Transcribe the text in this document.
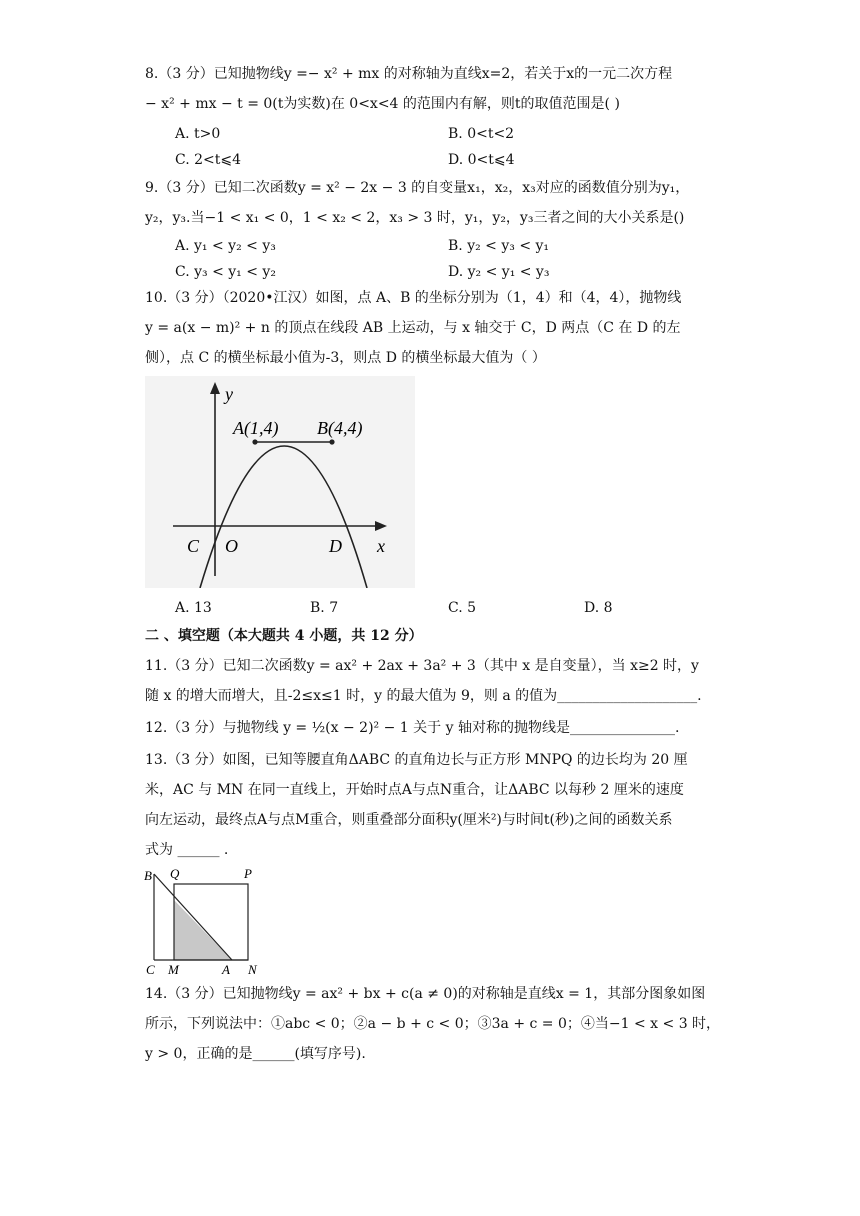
8.（3 分）已知抛物线y =− x² + mx 的对称轴为直线x=2，若关于x的一元二次方程
− x² + mx − t = 0(t为实数)在 0<x<4 的范围内有解，则t的取值范围是( )
A. t>0	B. 0<t<2
C. 2<t⩽4	D. 0<t⩽4
9.（3 分）已知二次函数y = x² − 2x − 3 的自变量x₁，x₂，x₃对应的函数值分别为y₁，
y₂，y₃.当−1 < x₁ < 0，1 < x₂ < 2，x₃ > 3 时，y₁，y₂，y₃三者之间的大小关系是()
A. y₁ < y₂ < y₃	B. y₂ < y₃ < y₁
C. y₃ < y₁ < y₂	D. y₂ < y₁ < y₃
10.（3 分）（2020•江汉）如图，点 A、B 的坐标分别为（1，4）和（4，4），抛物线
y = a(x − m)² + n 的顶点在线段 AB 上运动，与 x 轴交于 C，D 两点（C 在 D 的左
侧），点 C 的横坐标最小值为-3，则点 D 的横坐标最大值为（ ）
y
x
A(1,4) B(4,4)
C O	D
A. 13	B. 7	C. 5	D. 8
二 、填空题（本大题共 4 小题，共 12 分）
11.（3 分）已知二次函数y = ax² + 2ax + 3a² + 3（其中 x 是自变量），当 x≥2 时，y
随 x 的增大而增大，且-2≤x≤1 时，y 的最大值为 9，则 a 的值为____________________.
12.（3 分）与抛物线 y = ½(x − 2)² − 1 关于 y 轴对称的抛物线是_______________.
13.（3 分）如图，已知等腰直角ΔABC 的直角边长与正方形 MNPQ 的边长均为 20 厘
米，AC 与 MN 在同一直线上，开始时点A与点N重合，让ΔABC 以每秒 2 厘米的速度
向左运动，最终点A与点M重合，则重叠部分面积y(厘米²)与时间t(秒)之间的函数关系
式为 ______ .
B Q	P
C M	A N
14.（3 分）已知抛物线y = ax² + bx + c(a ≠ 0)的对称轴是直线x = 1，其部分图象如图
所示，下列说法中：①abc < 0；②a − b + c < 0；③3a + c = 0；④当−1 < x < 3 时，
y > 0，正确的是______(填写序号).
